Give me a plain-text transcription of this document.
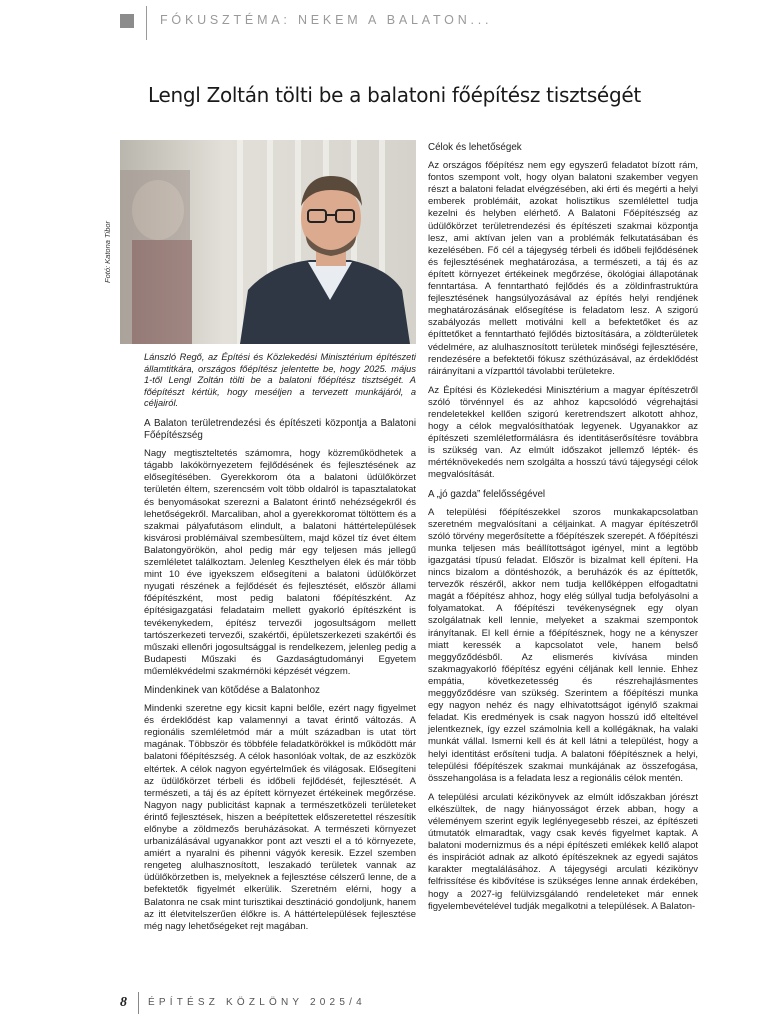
FÓKUSZTÉMA: NEKEM A BALATON...
Lengl Zoltán tölti be a balatoni főépítész tisztségét
Fotó: Katona Tibor
Lánszló Regő, az Építési és Közlekedési Minisztérium építészeti államtitkára, országos főépítész jelentette be, hogy 2025. május 1-től Lengl Zoltán tölti be a balatoni főépítész tisztségét. A főépítészt kértük, hogy meséljen a tervezett munkájáról, a céljairól.
A Balaton területrendezési és építészeti központja a Balatoni Főépítészség

Nagy megtiszteltetés számomra, hogy közreműködhetek a tágabb lakókörnyezetem fejlődésének és fejlesztésének az elősegítésében. Gyerekkorom óta a balatoni üdülőkörzet területén éltem, szerencsém volt több oldalról is tapasztalatokat és benyomásokat szerezni a Balatont érintő nehézségekről és lehetőségekről. Marcaliban, ahol a gyerekkoromat töltöttem és a szakmai pályafutásom elindult, a balatoni háttértelepülések kisvárosi problémáival szembesültem, majd közel tíz évet éltem Balatongyörökön, ahol pedig már egy teljesen más jellegű szemléletet találkoztam. Jelenleg Keszthelyen élek és már több mint 10 éve igyekszem elősegíteni a balatoni üdülőkörzet nyugati részének a fejlődését és fejlesztését, először állami főépítészként, most pedig balatoni főépítészként. Az építésigazgatási feladataim mellett gyakorló építészként is tevékenykedem, építész tervezői jogosultságom mellett tartószerkezeti tervezői, szakértői, épületszerkezeti szakértői és műszaki ellenőri jogosultsággal is rendelkezem, jelenleg pedig a Budapesti Műszaki és Gazdaságtudományi Egyetem műemlékvédelmi szakmérnöki képzését végzem.

Mindenkinek van kötődése a Balatonhoz

Mindenki szeretne egy kicsit kapni belőle, ezért nagy figyelmet és érdeklődést kap valamennyi a tavat érintő változás. A regionális szemléletmód már a múlt században is utat tört magának. Többször és többféle feladatkörökkel is működött már balatoni főépítészség. A célok hasonlóak voltak, de az eszközök eltértek. A célok nagyon egyértelműek és világosak. Elősegíteni az üdülőkörzet térbeli és időbeli fejlődését, fejlesztését. A természeti, a táj és az épített környezet értékeinek megőrzése. Nagyon nagy publicitást kapnak a természetközeli területeket érintő fejlesztések, hiszen a beépítettek előszeretettel részesítik előnybe a zöldmezős beruházásokat. A természeti környezet urbanizálásával ugyanakkor pont azt veszti el a tó környezete, amiért a nyaralni és pihenni vágyók keresik. Ezzel szemben rengeteg alulhasznosított, leszakadó területek vannak az üdülőkörzetben is, melyeknek a fejlesztése célszerű lenne, de a befektetők figyelmét elkerülik. Szeretném elérni, hogy a Balatonra ne csak mint turisztikai desztináció gondoljunk, hanem az itt életvitelszerűen élőkre is. A háttértelepülések fejlesztése még nagy lehetőségeket rejt magában.

Célok és lehetőségek

Az országos főépítész nem egy egyszerű feladatot bízott rám, fontos szempont volt, hogy olyan balatoni szakember vegyen részt a balatoni feladat elvégzésében, aki érti és megérti a helyi emberek problémáit, azokat holisztikus szemlélettel tudja kezelni és helyben elérhető. A Balatoni Főépítészség az üdülőkörzet területrendezési és építészeti szakmai központja lesz, ami aktívan jelen van a problémák felkutatásában és kezelésében. Fő cél a tájegység térbeli és időbeli fejlődésének és fejlesztésének meghatározása, a természeti, a táj és az épített környezet értékeinek megőrzése, ökológiai állapotának fenntartása. A fenntartható fejlődés és a zöldinfrastruktúra fejlesztésének hangsúlyozásával az építés helyi rendjének meghatározásának elősegítése is feladatom lesz. A szigorú szabályozás mellett motiválni kell a befektetőket és az építtetőket a fenntartható fejlődés biztosítására, a zöldterületek védelmére, az alulhasznosított területek minőségi fejlesztésére, rendezésére a befektetői fókusz széthúzásával, az érdeklődést ráirányítani a vízparttól távolabbi területekre.

Az Építési és Közlekedési Minisztérium a magyar építészetről szóló törvénnyel és az ahhoz kapcsolódó végrehajtási rendeletekkel kellően szigorú keretrendszert alkotott ahhoz, hogy a célok megvalósíthatóak legyenek. Ugyanakkor az építészeti szemléletformálásra és identitáserősítésre továbbra is szükség van. Az elmúlt időszakot jellemző lépték- és mértéknövekedés nem szolgálta a hosszú távú tájegységi célok megvalósítását.

A „jó gazda” felelősségével

A települési főépítészekkel szoros munkakapcsolatban szeretném megvalósítani a céljainkat. A magyar építészetről szóló törvény megerősítette a főépítészek szerepét. A főépítészi munka teljesen más beállítottságot igényel, mint a legtöbb igazgatási típusú feladat. Először is bizalmat kell építeni. Ha nincs bizalom a döntéshozók, a beruházók és az építtetők, tervezők részéről, akkor nem tudja kellőképpen elfogadtatni magát a főépítész ahhoz, hogy elég súllyal tudja befolyásolni a folyamatokat. A főépítészi tevékenységnek egy olyan szolgálatnak kell lennie, melyeket a szakmai szempontok irányítanak. El kell érnie a főépítésznek, hogy ne a kényszer miatt keressék a kapcsolatot vele, hanem belső meggyőződésből. Az elismerés kivívása minden szakmagyakorló főépítész egyéni céljának kell lennie. Ehhez empátia, következetesség és részrehajlásmentes meggyőződésre van szükség. Szerintem a főépítészi munka egy nagyon nehéz és nagy elhivatottságot igénylő szakmai feladat. Kis eredmények is csak nagyon hosszú idő elteltével jelentkeznek, így ezzel számolnia kell a kollégáknak, ha valaki munkát vállal. Ismerni kell és át kell látni a települést, hogy a helyi identitást erősíteni tudja. A balatoni főépítésznek a helyi, települési főépítészek szakmai munkájának az összefogása, összehangolása is a feladata lesz a regionális célok mentén.

A települési arculati kézikönyvek az elmúlt időszakban jórészt elkészültek, de nagy hiányosságot érzek abban, hogy a véleményem szerint egyik leglényegesebb részei, az építészeti útmutatók elmaradtak, vagy csak kevés figyelmet kaptak. A balatoni modernizmus és a népi építészeti emlékek kellő alapot és inspirációt adnak az alkotó építészeknek az egyedi sajátos karakter megtalálásához. A tájegységi arculati kézikönyv felfrissítése és kibővítése is szükséges lenne annak érdekében, hogy a 2027-ig felülvizsgálandó rendeleteket már ennek figyelembevételével tudják megalkotni a települések. A Balaton-

8 ÉPÍTÉSZ KÖZLÖNY 2025/4
